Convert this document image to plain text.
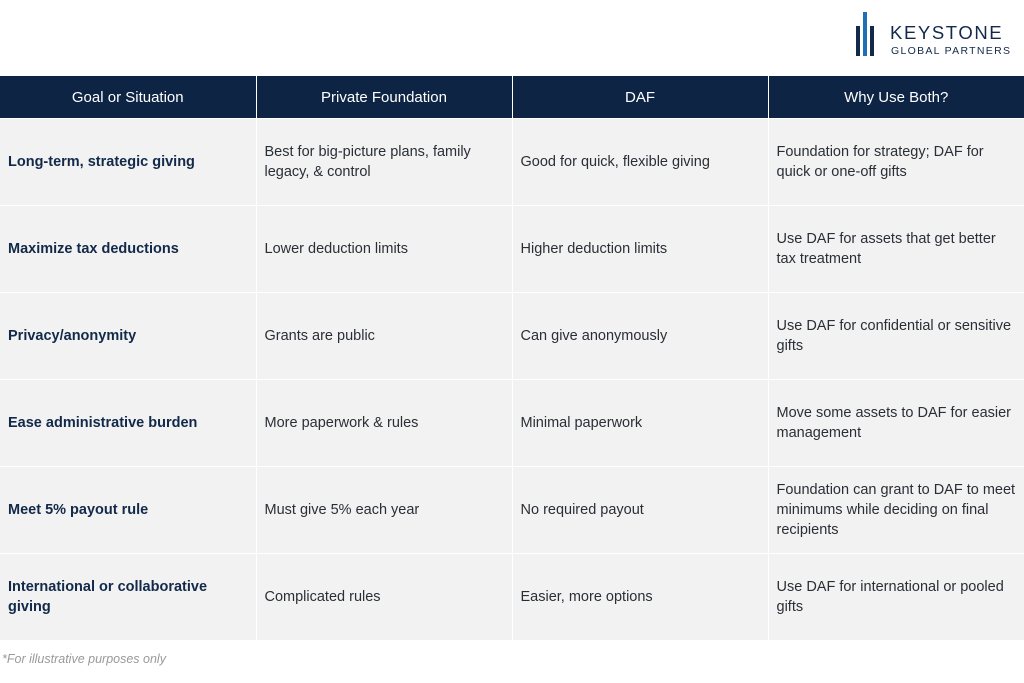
KEYSTONE
GLOBAL PARTNERS
Goal or Situation	Private Foundation	DAF	Why Use Both?
Long-term, strategic giving	Best for big-picture plans, family legacy, & control	Good for quick, flexible giving	Foundation for strategy; DAF for quick or one-off gifts
Maximize tax deductions	Lower deduction limits	Higher deduction limits	Use DAF for assets that get better tax treatment
Privacy/anonymity	Grants are public	Can give anonymously	Use DAF for confidential or sensitive gifts
Ease administrative burden	More paperwork & rules	Minimal paperwork	Move some assets to DAF for easier management
Meet 5% payout rule	Must give 5% each year	No required payout	Foundation can grant to DAF to meet minimums while deciding on final recipients
International or collaborative giving	Complicated rules	Easier, more options	Use DAF for international or pooled gifts
*For illustrative purposes only
